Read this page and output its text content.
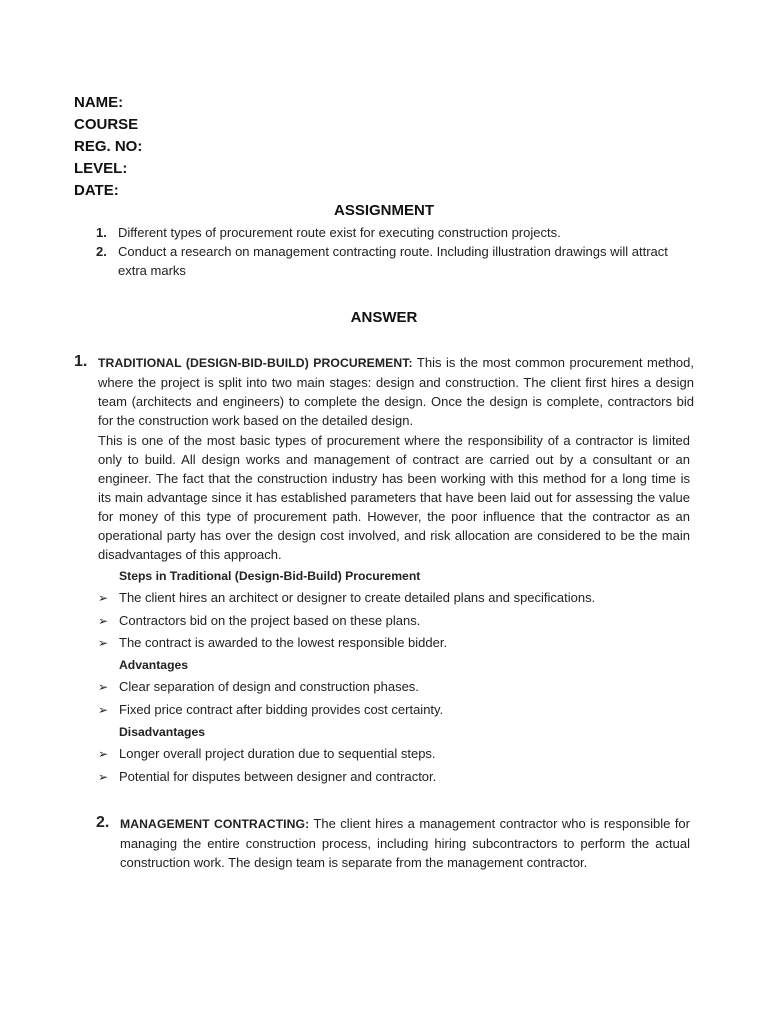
NAME:
COURSE
REG. NO:
LEVEL:
DATE:
ASSIGNMENT
1. Different types of procurement route exist for executing construction projects.
2. Conduct a research on management contracting route. Including illustration drawings will attract extra marks
ANSWER
1. TRADITIONAL (DESIGN-BID-BUILD) PROCUREMENT: This is the most common procurement method, where the project is split into two main stages: design and construction. The client first hires a design team (architects and engineers) to complete the design. Once the design is complete, contractors bid for the construction work based on the detailed design.

This is one of the most basic types of procurement where the responsibility of a contractor is limited only to build. All design works and management of contract are carried out by a consultant or an engineer. The fact that the construction industry has been working with this method for a long time is its main advantage since it has established parameters that have been laid out for assessing the value for money of this type of procurement path. However, the poor influence that the contractor as an operational party has over the design cost involved, and risk allocation are considered to be the main disadvantages of this approach.

Steps in Traditional (Design-Bid-Build) Procurement
➢ The client hires an architect or designer to create detailed plans and specifications.
➢ Contractors bid on the project based on these plans.
➢ The contract is awarded to the lowest responsible bidder.
Advantages
➢ Clear separation of design and construction phases.
➢ Fixed price contract after bidding provides cost certainty.
Disadvantages
➢ Longer overall project duration due to sequential steps.
➢ Potential for disputes between designer and contractor.
2. MANAGEMENT CONTRACTING: The client hires a management contractor who is responsible for managing the entire construction process, including hiring subcontractors to perform the actual construction work. The design team is separate from the management contractor.
